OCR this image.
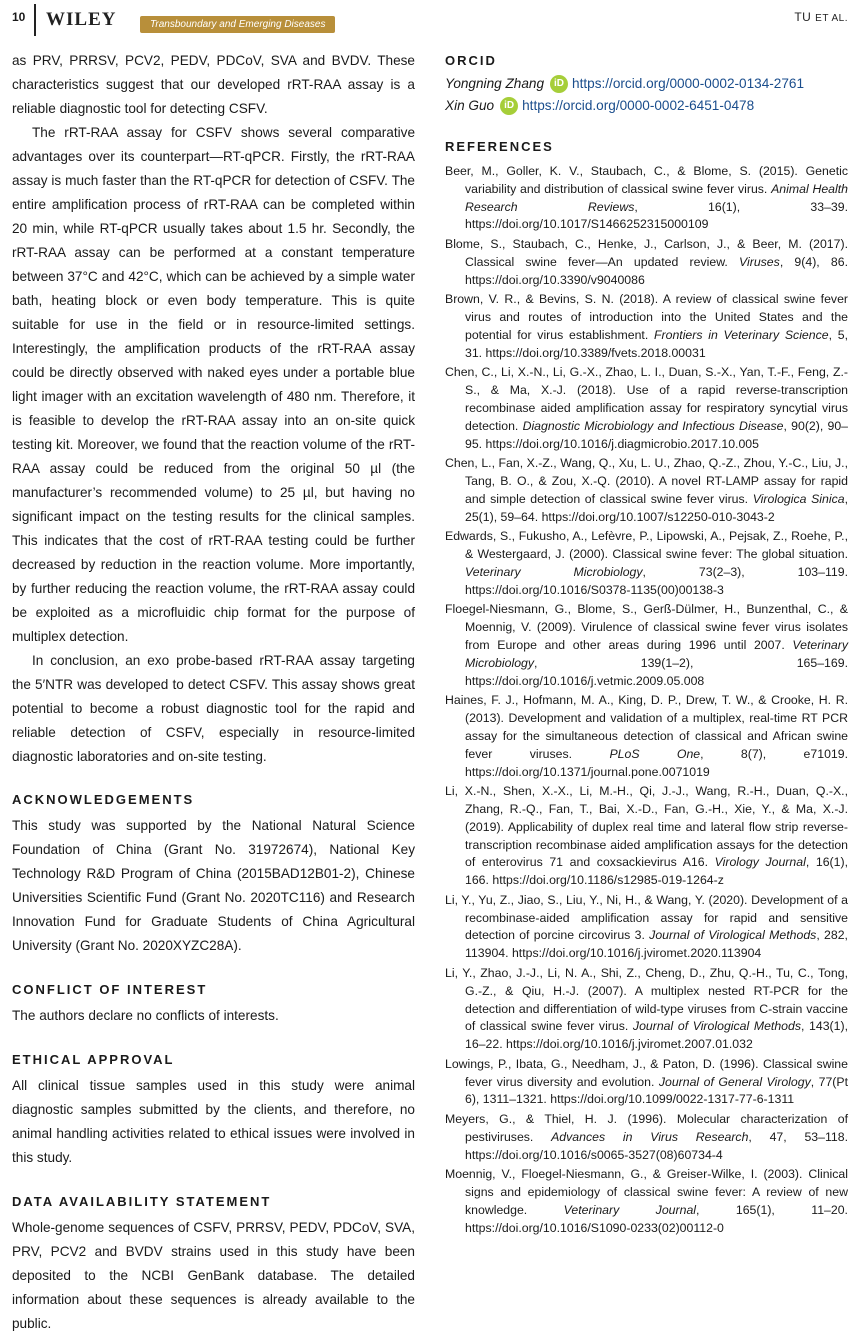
10 WILEY	Transboundary and Emerging Diseases
TU ET AL.

as PRV, PRRSV, PCV2, PEDV, PDCoV, SVA and BVDV. These characteristics suggest that our developed rRT-RAA assay is a reliable diagnostic tool for detecting CSFV.

The rRT-RAA assay for CSFV shows several comparative advantages over its counterpart—RT-qPCR. Firstly, the rRT-RAA assay is much faster than the RT-qPCR for detection of CSFV. The entire amplification process of rRT-RAA can be completed within 20 min, while RT-qPCR usually takes about 1.5 hr. Secondly, the rRT-RAA assay can be performed at a constant temperature between 37°C and 42°C, which can be achieved by a simple water bath, heating block or even body temperature. This is quite suitable for use in the field or in resource-limited settings. Interestingly, the amplification products of the rRT-RAA assay could be directly observed with naked eyes under a portable blue light imager with an excitation wavelength of 480 nm. Therefore, it is feasible to develop the rRT-RAA assay into an on-site quick testing kit. Moreover, we found that the reaction volume of the rRT-RAA assay could be reduced from the original 50 µl (the manufacturer’s recommended volume) to 25 µl, but having no significant impact on the testing results for the clinical samples. This indicates that the cost of rRT-RAA testing could be further decreased by reduction in the reaction volume. More importantly, by further reducing the reaction volume, the rRT-RAA assay could be exploited as a microfluidic chip format for the purpose of multiplex detection.

In conclusion, an exo probe-based rRT-RAA assay targeting the 5′NTR was developed to detect CSFV. This assay shows great potential to become a robust diagnostic tool for the rapid and reliable detection of CSFV, especially in resource-limited diagnostic laboratories and on-site testing.

ACKNOWLEDGEMENTS

This study was supported by the National Natural Science Foundation of China (Grant No. 31972674), National Key Technology R&D Program of China (2015BAD12B01-2), Chinese Universities Scientific Fund (Grant No. 2020TC116) and Research Innovation Fund for Graduate Students of China Agricultural University (Grant No. 2020XYZC28A).

CONFLICT OF INTEREST

The authors declare no conflicts of interests.

ETHICAL APPROVAL

All clinical tissue samples used in this study were animal diagnostic samples submitted by the clients, and therefore, no animal handling activities related to ethical issues were involved in this study.

DATA AVAILABILITY STATEMENT

Whole-genome sequences of CSFV, PRRSV, PEDV, PDCoV, SVA, PRV, PCV2 and BVDV strains used in this study have been deposited to the NCBI GenBank database. The detailed information about these sequences is already available to the public.

ORCID
Yongning Zhang	iD https://orcid.org/0000-0002-0134-2761
Xin Guo	iD https://orcid.org/0000-0002-6451-0478
REFERENCES

Beer, M., Goller, K. V., Staubach, C., & Blome, S. (2015). Genetic variability and distribution of classical swine fever virus. Animal Health Research Reviews, 16(1), 33–39. https://doi.org/10.1017/S1466252315000109

Blome, S., Staubach, C., Henke, J., Carlson, J., & Beer, M. (2017). Classical swine fever—An updated review. Viruses, 9(4), 86. https://doi.org/10.3390/v9040086

Brown, V. R., & Bevins, S. N. (2018). A review of classical swine fever virus and routes of introduction into the United States and the potential for virus establishment. Frontiers in Veterinary Science, 5, 31. https://doi.org/10.3389/fvets.2018.00031

Chen, C., Li, X.-N., Li, G.-X., Zhao, L. I., Duan, S.-X., Yan, T.-F., Feng, Z.-S., & Ma, X.-J. (2018). Use of a rapid reverse-transcription recombinase aided amplification assay for respiratory syncytial virus detection. Diagnostic Microbiology and Infectious Disease, 90(2), 90–95. https://doi.org/10.1016/j.diagmicrobio.2017.10.005

Chen, L., Fan, X.-Z., Wang, Q., Xu, L. U., Zhao, Q.-Z., Zhou, Y.-C., Liu, J., Tang, B. O., & Zou, X.-Q. (2010). A novel RT-LAMP assay for rapid and simple detection of classical swine fever virus. Virologica Sinica, 25(1), 59–64. https://doi.org/10.1007/s12250-010-3043-2

Edwards, S., Fukusho, A., Lefèvre, P., Lipowski, A., Pejsak, Z., Roehe, P., & Westergaard, J. (2000). Classical swine fever: The global situation. Veterinary Microbiology, 73(2–3), 103–119. https://doi.org/10.1016/S0378-1135(00)00138-3

Floegel-Niesmann, G., Blome, S., Gerß-Dülmer, H., Bunzenthal, C., & Moennig, V. (2009). Virulence of classical swine fever virus isolates from Europe and other areas during 1996 until 2007. Veterinary Microbiology, 139(1–2), 165–169. https://doi.org/10.1016/j.vetmic.2009.05.008

Haines, F. J., Hofmann, M. A., King, D. P., Drew, T. W., & Crooke, H. R. (2013). Development and validation of a multiplex, real-time RT PCR assay for the simultaneous detection of classical and African swine fever viruses. PLoS One, 8(7), e71019. https://doi.org/10.1371/journal.pone.0071019

Li, X.-N., Shen, X.-X., Li, M.-H., Qi, J.-J., Wang, R.-H., Duan, Q.-X., Zhang, R.-Q., Fan, T., Bai, X.-D., Fan, G.-H., Xie, Y., & Ma, X.-J. (2019). Applicability of duplex real time and lateral flow strip reverse-transcription recombinase aided amplification assays for the detection of enterovirus 71 and coxsackievirus A16. Virology Journal, 16(1), 166. https://doi.org/10.1186/s12985-019-1264-z

Li, Y., Yu, Z., Jiao, S., Liu, Y., Ni, H., & Wang, Y. (2020). Development of a recombinase-aided amplification assay for rapid and sensitive detection of porcine circovirus 3. Journal of Virological Methods, 282, 113904. https://doi.org/10.1016/j.jviromet.2020.113904

Li, Y., Zhao, J.-J., Li, N. A., Shi, Z., Cheng, D., Zhu, Q.-H., Tu, C., Tong, G.-Z., & Qiu, H.-J. (2007). A multiplex nested RT-PCR for the detection and differentiation of wild-type viruses from C-strain vaccine of classical swine fever virus. Journal of Virological Methods, 143(1), 16–22. https://doi.org/10.1016/j.jviromet.2007.01.032

Lowings, P., Ibata, G., Needham, J., & Paton, D. (1996). Classical swine fever virus diversity and evolution. Journal of General Virology, 77(Pt 6), 1311–1321. https://doi.org/10.1099/0022-1317-77-6-1311

Meyers, G., & Thiel, H. J. (1996). Molecular characterization of pestiviruses. Advances in Virus Research, 47, 53–118. https://doi.org/10.1016/s0065-3527(08)60734-4

Moennig, V., Floegel-Niesmann, G., & Greiser-Wilke, I. (2003). Clinical signs and epidemiology of classical swine fever: A review of new knowledge. Veterinary Journal, 165(1), 11–20. https://doi.org/10.1016/S1090-0233(02)00112-0
